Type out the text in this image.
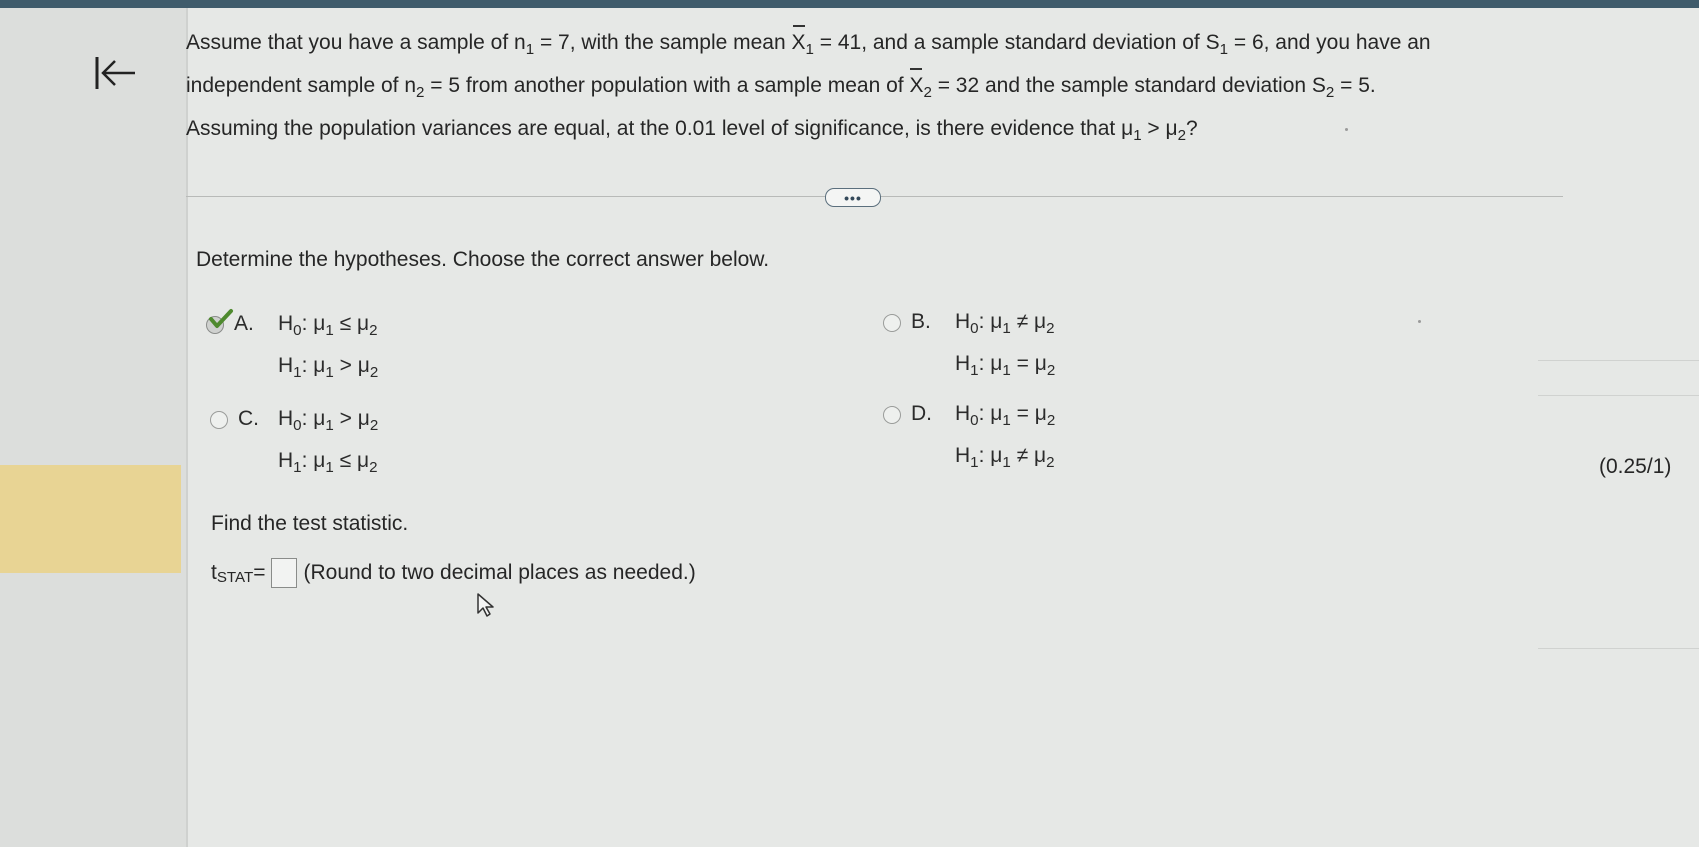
Assume that you have a sample of $n_1 = 7$, with the sample mean $X_1 = 41$, and a sample standard deviation of $S_1 = 6$, and you have an

independent sample of $n_2 = 5$ from another population with a sample mean of $X_2 = 32$ and the sample standard deviation $S_2 = 5$.

Assuming the population variances are equal, at the 0.01 level of significance, is there evidence that $\mu_1 > \mu_2$?

•••
Determine the hypotheses. Choose the correct answer below.
A. $H_0$: $\mu_1 \le \mu_2$
$H_1$: $\mu_1 > \mu_2$
B. $H_0$: $\mu_1 \ne \mu_2$
$H_1$: $\mu_1 = \mu_2$
C. $H_0$: $\mu_1 > \mu_2$
$H_1$: $\mu_1 \le \mu_2$
D. $H_0$: $\mu_1 = \mu_2$
$H_1$: $\mu_1 \ne \mu_2$	(0.25/1)
Find the test statistic.
t STAT = (Round to two decimal places as needed.)
